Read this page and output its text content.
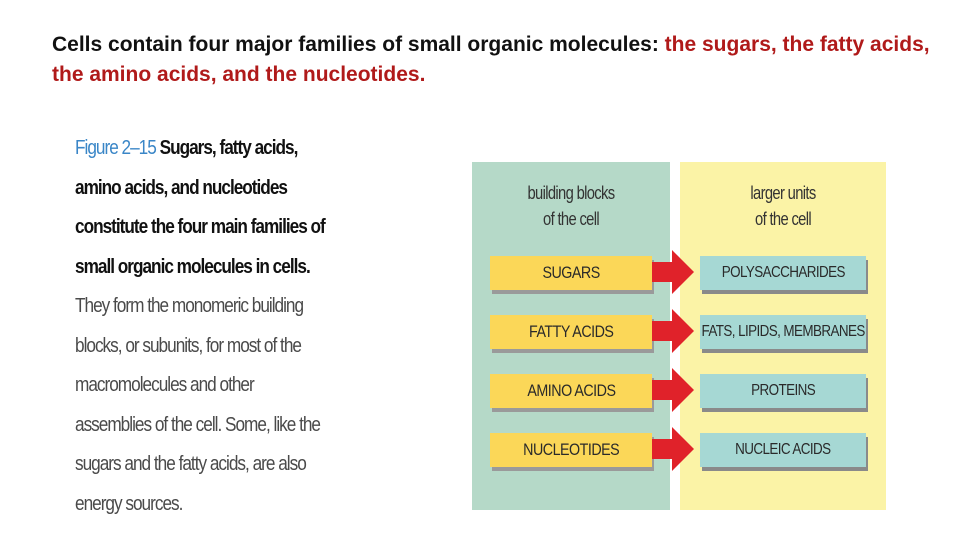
Cells contain four major families of small organic molecules: the sugars, the fatty acids, the amino acids, and the nucleotides.

Figure 2–15 Sugars, fatty acids, amino acids, and nucleotides constitute the four main families of small organic molecules in cells. They form the monomeric building blocks, or subunits, for most of the macromolecules and other assemblies of the cell. Some, like the sugars and the fatty acids, are also energy sources.
building blocks
of the cell
larger units
of the cell
SUGARS	POLYSACCHARIDES
FATTY ACIDS	FATS, LIPIDS, MEMBRANES
AMINO ACIDS	PROTEINS
NUCLEOTIDES	NUCLEIC ACIDS
